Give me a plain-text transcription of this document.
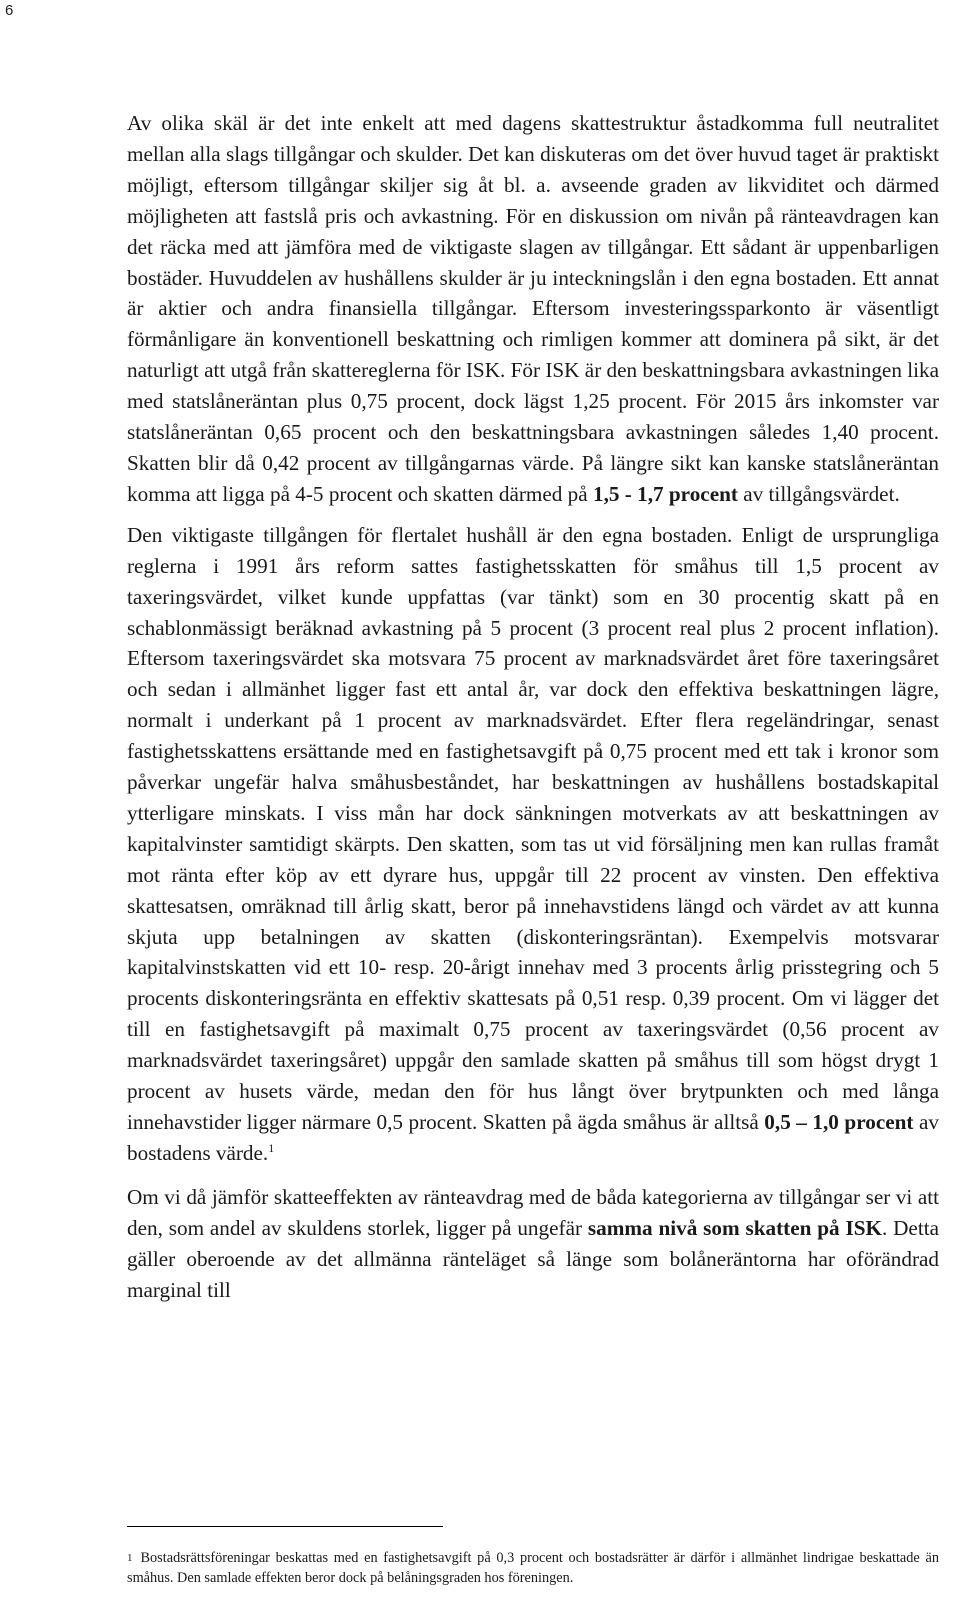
6

Av olika skäl är det inte enkelt att med dagens skattestruktur åstadkomma full neutralitet mellan alla slags tillgångar och skulder. Det kan diskuteras om det över huvud taget är praktiskt möjligt, eftersom tillgångar skiljer sig åt bl. a. avseende graden av likviditet och därmed möjligheten att fastslå pris och avkastning. För en diskussion om nivån på ränteavdragen kan det räcka med att jämföra med de viktigaste slagen av tillgångar. Ett sådant är uppenbarligen bostäder. Huvuddelen av hushållens skulder är ju inteckningslån i den egna bostaden. Ett annat är aktier och andra finansiella tillgångar. Eftersom investeringssparkonto är väsentligt förmånligare än konventionell beskattning och rimligen kommer att dominera på sikt, är det naturligt att utgå från skattereglerna för ISK. För ISK är den beskattningsbara avkastningen lika med statslåneräntan plus 0,75 procent, dock lägst 1,25 procent. För 2015 års inkomster var statslåneräntan 0,65 procent och den beskattningsbara avkastningen således 1,40 procent. Skatten blir då 0,42 procent av tillgångarnas värde. På längre sikt kan kanske statslåneräntan komma att ligga på 4-5 procent och skatten därmed på 1,5 - 1,7 procent av tillgångsvärdet.

Den viktigaste tillgången för flertalet hushåll är den egna bostaden. Enligt de ursprungliga reglerna i 1991 års reform sattes fastighetsskatten för småhus till 1,5 procent av taxeringsvärdet, vilket kunde uppfattas (var tänkt) som en 30 procentig skatt på en schablonmässigt beräknad avkastning på 5 procent (3 procent real plus 2 procent inflation). Eftersom taxeringsvärdet ska motsvara 75 procent av marknadsvärdet året före taxeringsåret och sedan i allmänhet ligger fast ett antal år, var dock den effektiva beskattningen lägre, normalt i underkant på 1 procent av marknadsvärdet. Efter flera regeländringar, senast fastighetsskattens ersättande med en fastighetsavgift på 0,75 procent med ett tak i kronor som påverkar ungefär halva småhusbeståndet, har beskattningen av hushållens bostadskapital ytterligare minskats. I viss mån har dock sänkningen motverkats av att beskattningen av kapitalvinster samtidigt skärpts. Den skatten, som tas ut vid försäljning men kan rullas framåt mot ränta efter köp av ett dyrare hus, uppgår till 22 procent av vinsten. Den effektiva skattesatsen, omräknad till årlig skatt, beror på innehavstidens längd och värdet av att kunna skjuta upp betalningen av skatten (diskonteringsräntan). Exempelvis motsvarar kapitalvinstskatten vid ett 10- resp. 20-årigt innehav med 3 procents årlig prisstegring och 5 procents diskonteringsränta en effektiv skattesats på 0,51 resp. 0,39 procent. Om vi lägger det till en fastighetsavgift på maximalt 0,75 procent av taxeringsvärdet (0,56 procent av marknadsvärdet taxeringsåret) uppgår den samlade skatten på småhus till som högst drygt 1 procent av husets värde, medan den för hus långt över brytpunkten och med långa innehavstider ligger närmare 0,5 procent. Skatten på ägda småhus är alltså 0,5 – 1,0 procent av bostadens värde.$^1$

Om vi då jämför skatteeffekten av ränteavdrag med de båda kategorierna av tillgångar ser vi att den, som andel av skuldens storlek, ligger på ungefär samma nivå som skatten på ISK. Detta gäller oberoende av det allmänna ränteläget så länge som bolåneräntorna har oförändrad marginal till

$^1$ Bostadsrättsföreningar beskattas med en fastighetsavgift på 0,3 procent och bostadsrätter är därför i allmänhet lindrigae beskattade än småhus. Den samlade effekten beror dock på belåningsgraden hos föreningen.
